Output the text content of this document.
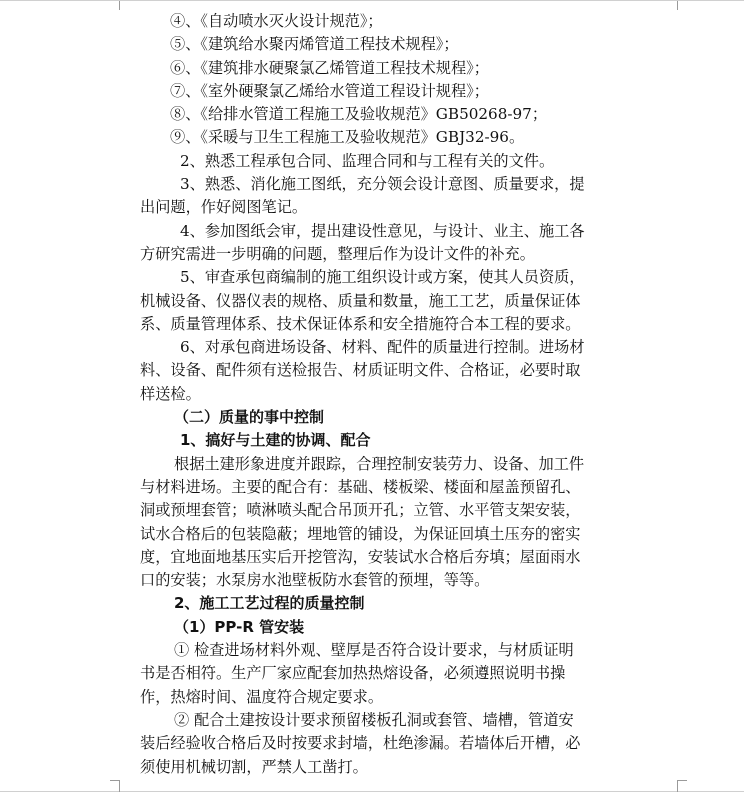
④、《自动喷水灭火设计规范》；
⑤、《建筑给水聚丙烯管道工程技术规程》；
⑥、《建筑排水硬聚氯乙烯管道工程技术规程》；
⑦、《室外硬聚氯乙烯给水管道工程设计规程》；
⑧、《给排水管道工程施工及验收规范》GB50268-97；
⑨、《采暖与卫生工程施工及验收规范》GBJ32-96。
2、熟悉工程承包合同、监理合同和与工程有关的文件。
3、熟悉、消化施工图纸，充分领会设计意图、质量要求，提
出问题，作好阅图笔记。
4、参加图纸会审，提出建设性意见，与设计、业主、施工各
方研究需进一步明确的问题，整理后作为设计文件的补充。
5、审查承包商编制的施工组织设计或方案，使其人员资质，
机械设备、仪器仪表的规格、质量和数量，施工工艺，质量保证体
系、质量管理体系、技术保证体系和安全措施符合本工程的要求。
6、对承包商进场设备、材料、配件的质量进行控制。进场材
料、设备、配件须有送检报告、材质证明文件、合格证，必要时取
样送检。
（二）质量的事中控制
1、搞好与土建的协调、配合
根据土建形象进度并跟踪，合理控制安装劳力、设备、加工件
与材料进场。主要的配合有：基础、楼板梁、楼面和屋盖预留孔、
洞或预埋套管；喷淋喷头配合吊顶开孔；立管、水平管支架安装，
试水合格后的包装隐蔽；埋地管的铺设，为保证回填土压夯的密实
度，宜地面地基压实后开挖管沟，安装试水合格后夯填；屋面雨水
口的安装；水泵房水池壁板防水套管的预埋，等等。
2、施工工艺过程的质量控制
（1）PP-R 管安装
① 检查进场材料外观、壁厚是否符合设计要求，与材质证明
书是否相符。生产厂家应配套加热热熔设备，必须遵照说明书操
作，热熔时间、温度符合规定要求。
② 配合土建按设计要求预留楼板孔洞或套管、墙槽，管道安
装后经验收合格后及时按要求封墙，杜绝渗漏。若墙体后开槽，必
须使用机械切割，严禁人工凿打。
